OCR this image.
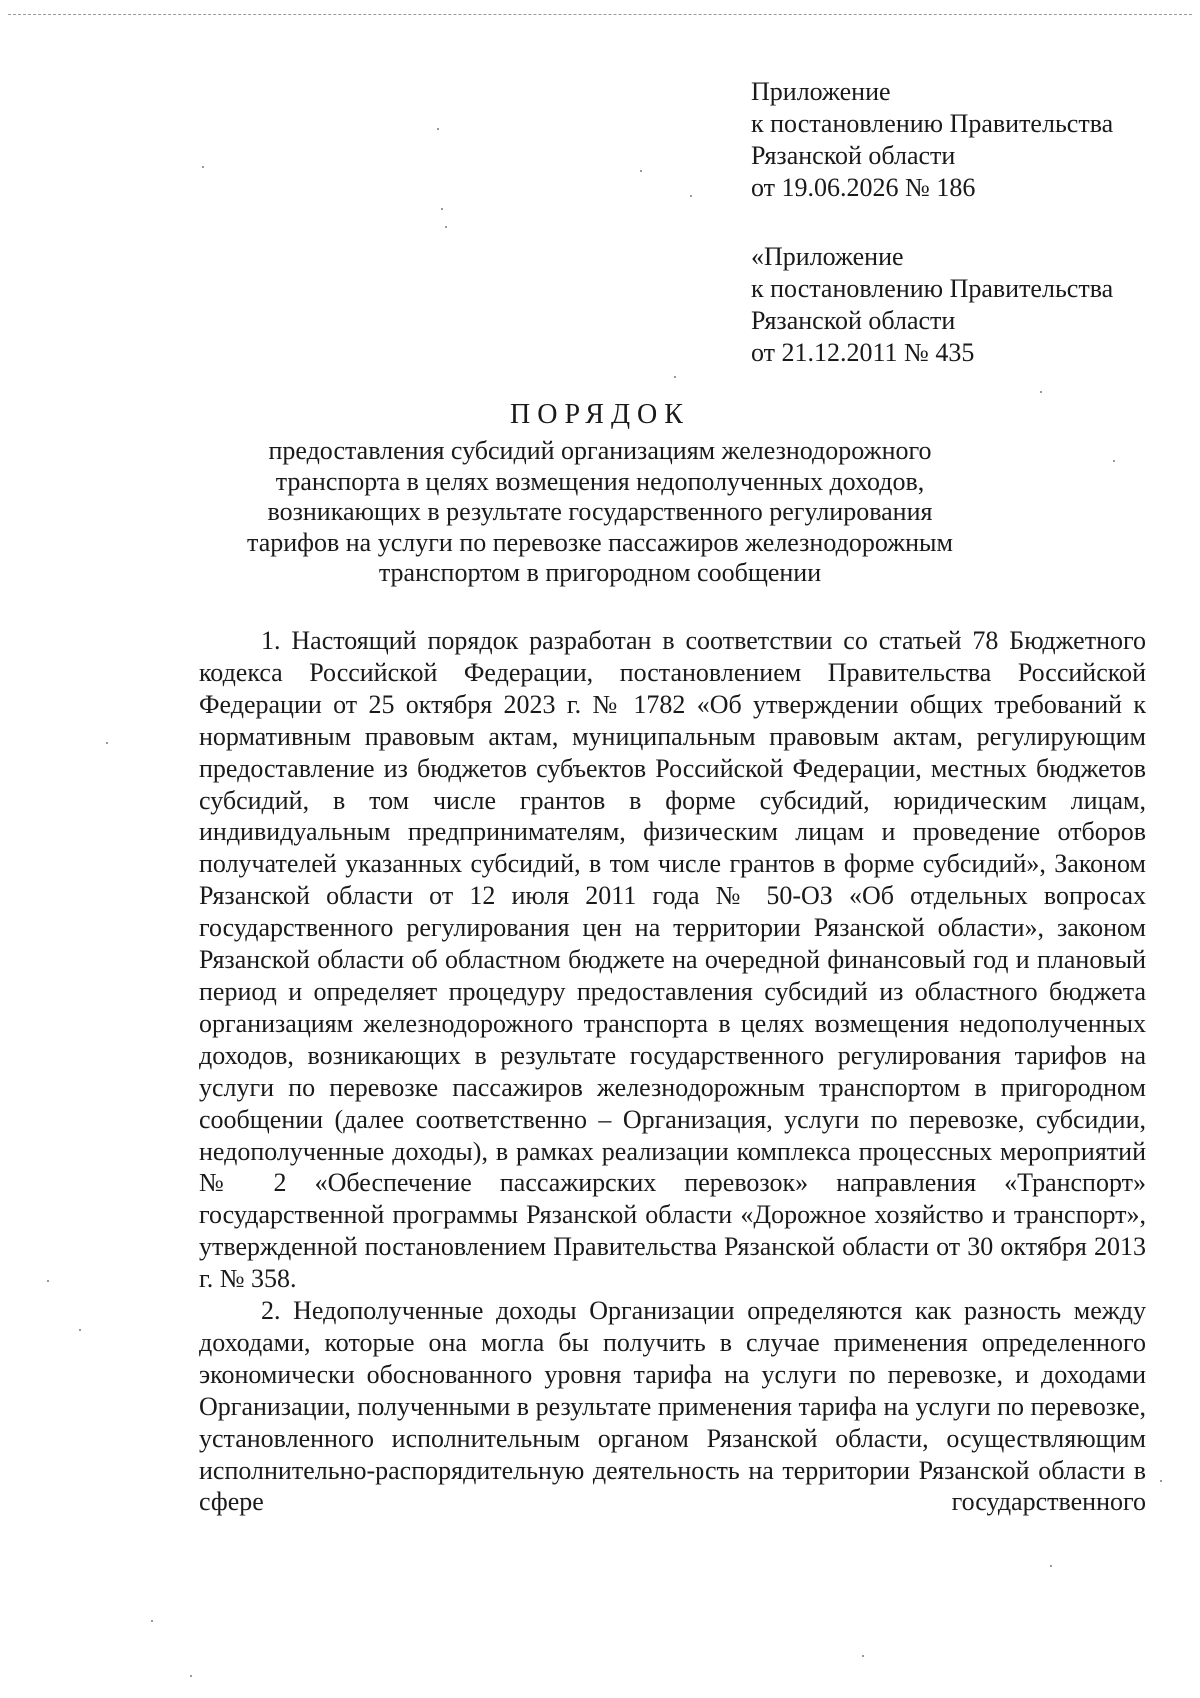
Приложение
к постановлению Правительства
Рязанской области
от 19.06.2026 № 186
«Приложение
к постановлению Правительства
Рязанской области
от 21.12.2011 № 435
ПОРЯДОК
предоставления субсидий организациям железнодорожного
транспорта в целях возмещения недополученных доходов,
возникающих в результате государственного регулирования
тарифов на услуги по перевозке пассажиров железнодорожным
транспортом в пригородном сообщении

1. Настоящий порядок разработан в соответствии со статьей 78 Бюджетного кодекса Российской Федерации, постановлением Правительства Российской Федерации от 25 октября 2023 г. № 1782 «Об утверждении общих требований к нормативным правовым актам, муниципальным правовым актам, регулирующим предоставление из бюджетов субъектов Российской Федерации, местных бюджетов субсидий, в том числе грантов в форме субсидий, юридическим лицам, индивидуальным предпринимателям, физическим лицам и проведение отборов получателей указанных субсидий, в том числе грантов в форме субсидий», Законом Рязанской области от 12 июля 2011 года № 50-ОЗ «Об отдельных вопросах государственного регулирования цен на территории Рязанской области», законом Рязанской области об областном бюджете на очередной финансовый год и плановый период и определяет процедуру предоставления субсидий из областного бюджета организациям железнодорожного транспорта в целях возмещения недополученных доходов, возникающих в результате государственного регулирования тарифов на услуги по перевозке пассажиров железнодорожным транспортом в пригородном сообщении (далее соответственно – Организация, услуги по перевозке, субсидии, недополученные доходы), в рамках реализации комплекса процессных мероприятий № 2 «Обеспечение пассажирских перевозок» направления «Транспорт» государственной программы Рязанской области «Дорожное хозяйство и транспорт», утвержденной постановлением Правительства Рязанской области от 30 октября 2013 г. № 358.

2. Недополученные доходы Организации определяются как разность между доходами, которые она могла бы получить в случае применения определенного экономически обоснованного уровня тарифа на услуги по перевозке, и доходами Организации, полученными в результате применения тарифа на услуги по перевозке, установленного исполнительным органом Рязанской области, осуществляющим исполнительно-распорядительную деятельность на территории Рязанской области в сфере государственного
